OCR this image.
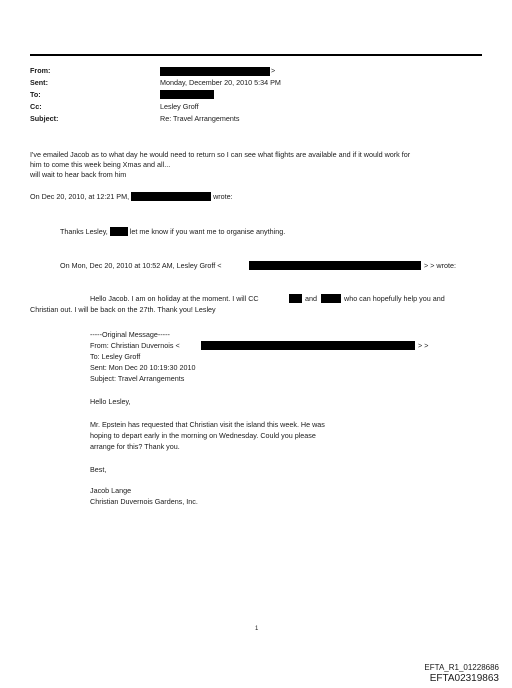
From:	>
Sent:	Monday, December 20, 2010 5:34 PM
To:
Cc:	Lesley Groff
Subject:	Re: Travel Arrangements
I've emailed Jacob as to what day he would need to return so I can see what flights are available and if it would work for
him to come this week being Xmas and all...
will wait to hear back from him
On Dec 20, 2010, at 12:21 PM,	wrote:
Thanks Lesley,	let me know if you want me to organise anything.
On Mon, Dec 20, 2010 at 10:52 AM, Lesley Groff <	> > wrote:
Hello Jacob. I am on holiday at the moment. I will CC	and	who can hopefully help you and
Christian out. I will be back on the 27th. Thank you! Lesley
-----Original Message-----
From: Christian Duvernois <	> >
To: Lesley Groff
Sent: Mon Dec 20 10:19:30 2010
Subject: Travel Arrangements
Hello Lesley,
Mr. Epstein has requested that Christian visit the island this week. He was
hoping to depart early in the morning on Wednesday. Could you please
arrange for this? Thank you.
Best,
Jacob Lange
Christian Duvernois Gardens, Inc.
1
EFTA_R1_01228686
EFTA02319863
